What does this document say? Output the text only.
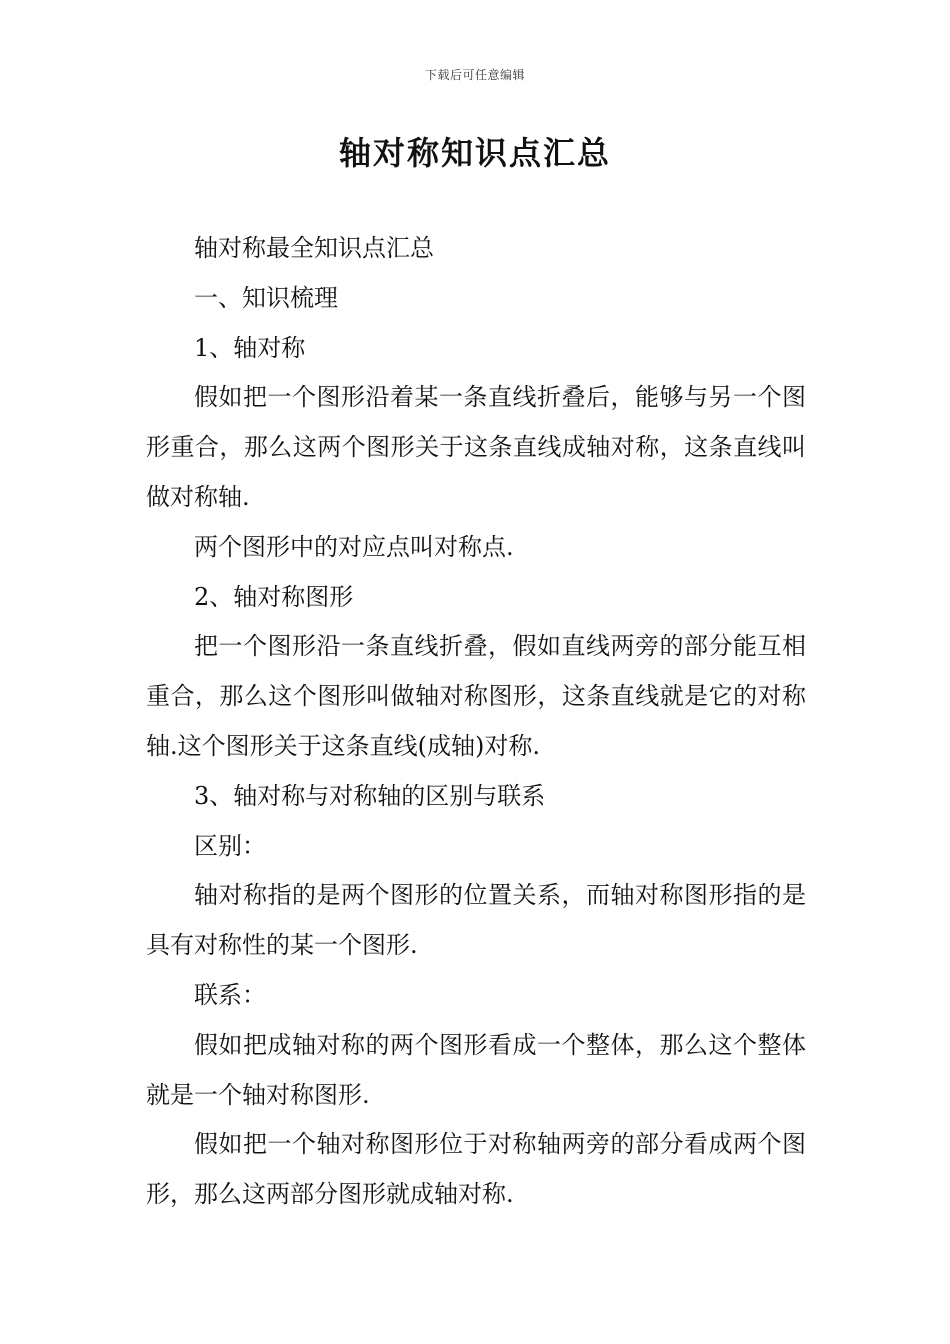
下载后可任意编辑
轴对称知识点汇总

轴对称最全知识点汇总

一、知识梳理

1、轴对称

假如把一个图形沿着某一条直线折叠后，能够与另一个图形重合，那么这两个图形关于这条直线成轴对称，这条直线叫做对称轴.

两个图形中的对应点叫对称点.

2、轴对称图形

把一个图形沿一条直线折叠，假如直线两旁的部分能互相重合，那么这个图形叫做轴对称图形，这条直线就是它的对称轴.这个图形关于这条直线(成轴)对称.

3、轴对称与对称轴的区别与联系

区别：

轴对称指的是两个图形的位置关系，而轴对称图形指的是具有对称性的某一个图形.

联系：

假如把成轴对称的两个图形看成一个整体，那么这个整体就是一个轴对称图形.

假如把一个轴对称图形位于对称轴两旁的部分看成两个图形，那么这两部分图形就成轴对称.
